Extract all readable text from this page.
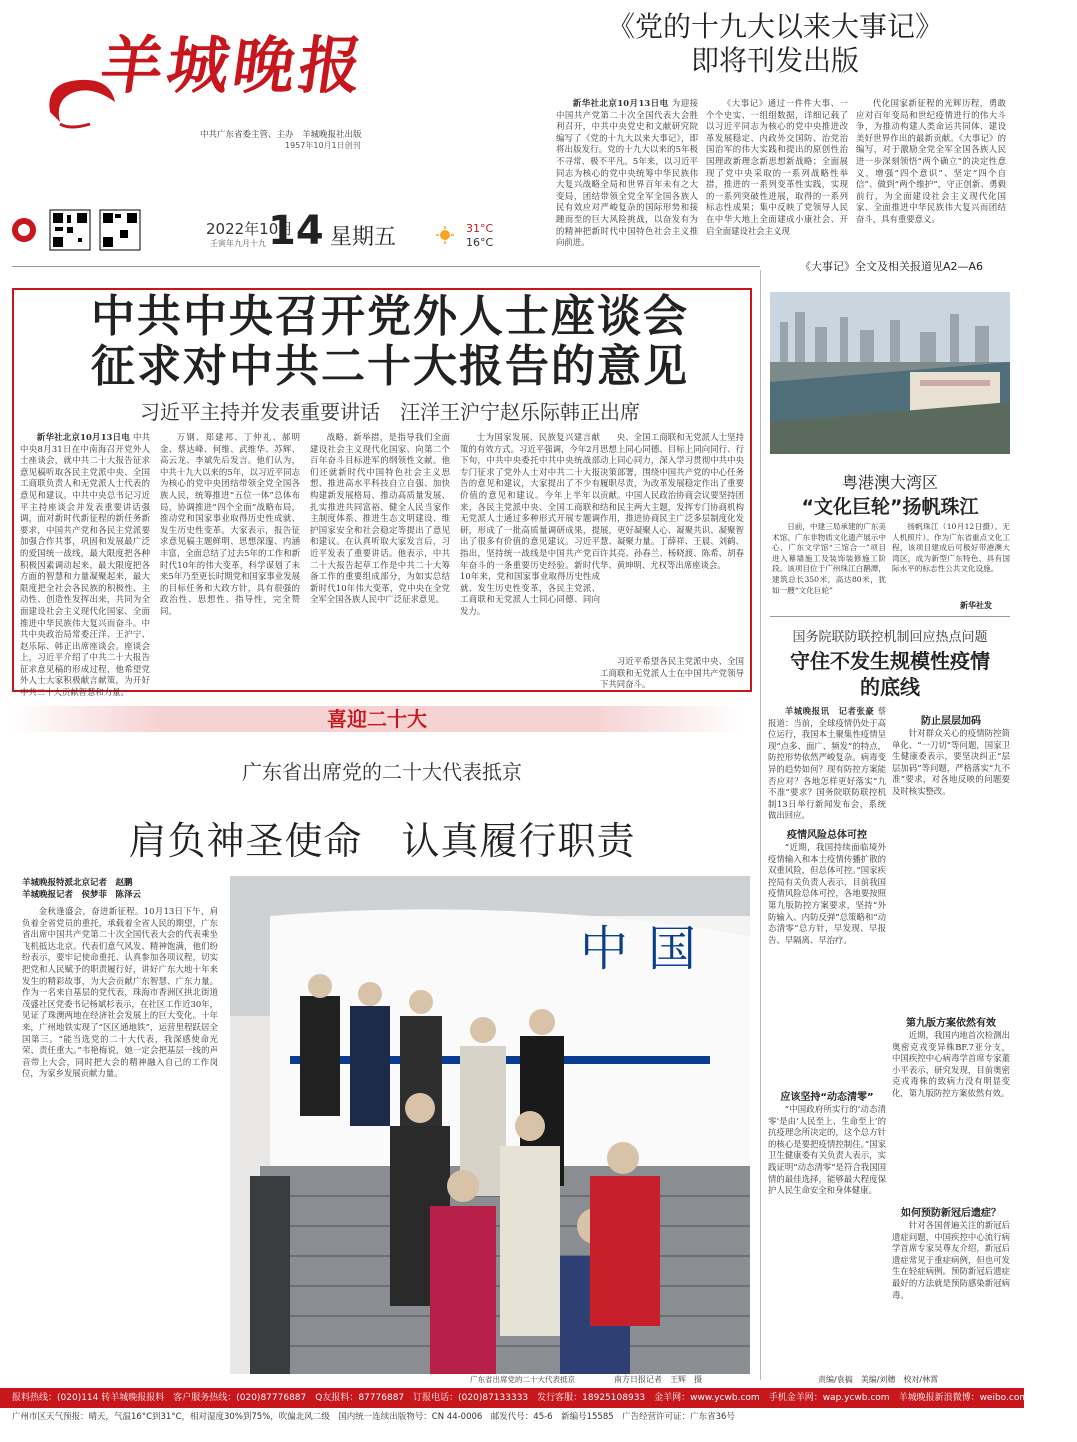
羊城晚报
中共广东省委主管、主办　羊城晚报社出版
1957年10月1日创刊
2022年10月
壬寅年九月十九 14 星期五	31°C
16°C
《党的十九大以来大事记》
即将刊发出版

新华社北京10月13日电 为迎接中国共产党第二十次全国代表大会胜利召开，中共中央党史和文献研究院编写了《党的十九大以来大事记》，即将出版发行。党的十九大以来的5年极不寻常、极不平凡。5年来，以习近平同志为核心的党中央统筹中华民族伟大复兴战略全局和世界百年未有之大变局，团结带领全党全军全国各族人民有效应对严峻复杂的国际形势和接踵而至的巨大风险挑战，以奋发有为的精神把新时代中国特色社会主义推向前进。

《大事记》通过一件件大事、一个个史实、一组组数据，详细记载了以习近平同志为核心的党中央推进改革发展稳定、内政外交国防、治党治国治军的伟大实践和提出的原创性治国理政新理念新思想新战略；全面展现了党中央采取的一系列战略性举措，推进的一系列变革性实践，实现的一系列突破性进展，取得的一系列标志性成果；集中反映了党领导人民在中华大地上全面建成小康社会、开启全面建设社会主义现

代化国家新征程的光辉历程，勇敢应对百年变局和世纪疫情进行的伟大斗争，为推动构建人类命运共同体、建设美好世界作出的最新贡献。《大事记》的编写，对于激励全党全军全国各族人民进一步深刻领悟“两个确立”的决定性意义，增强“四个意识”、坚定“四个自信”、做到“两个维护”，守正创新、勇毅前行，为全面建设社会主义现代化国家、全面推进中华民族伟大复兴而团结奋斗，具有重要意义。

《大事记》全文及相关报道见A2—A6
中共中央召开党外人士座谈会
征求对中共二十大报告的意见
习近平主持并发表重要讲话　汪洋王沪宁赵乐际韩正出席

新华社北京10月13日电 中共中央8月31日在中南海召开党外人士座谈会，就中共二十大报告征求意见稿听取各民主党派中央、全国工商联负责人和无党派人士代表的意见和建议。中共中央总书记习近平主持座谈会并发表重要讲话强调，面对新时代新征程的新任务新要求，中国共产党和各民主党派要加强合作共事，巩固和发展最广泛的爱国统一战线，最大限度把各种积极因素调动起来，最大限度把各方面的智慧和力量凝聚起来，最大限度把全社会各民族的积极性、主动性、创造性发挥出来，共同为全面建设社会主义现代化国家、全面推进中华民族伟大复兴而奋斗。中共中央政治局常委汪洋、王沪宁、赵乐际、韩正出席座谈会。座谈会上，习近平介绍了中共二十大报告征求意见稿的形成过程，他希望党外人士大家积极献言献策，为开好中共二十大贡献智慧和力量。

万钢、郑建邦、丁仲礼、郝明金、蔡达峰、何维、武维华、苏辉、高云龙、李斌先后发言。他们认为，中共十九大以来的5年，以习近平同志为核心的党中央团结带领全党全国各族人民，统筹推进“五位一体”总体布局，协调推进“四个全面”战略布局，推动党和国家事业取得历史性成就、发生历史性变革。大家表示，报告征求意见稿主题鲜明、思想深邃、内涵丰富，全面总结了过去5年的工作和新时代10年的伟大变革，科学谋划了未来5年乃至更长时期党和国家事业发展的目标任务和大政方针，具有很强的政治性、思想性、指导性，完全赞同。

战略、新举措，是指导我们全面建设社会主义现代化国家、向第二个百年奋斗目标进军的纲领性文献。他们还就新时代中国特色社会主义思想、推进高水平科技自立自强、加快构建新发展格局、推动高质量发展、扎实推进共同富裕、健全人民当家作主制度体系、推进生态文明建设、维护国家安全和社会稳定等提出了意见和建议。在认真听取大家发言后，习近平发表了重要讲话。他表示，中共二十大报告起草工作是中共二十大筹备工作的重要组成部分，为如实总结新时代10年伟大变革，党中央在全党全军全国各族人民中广泛征求意见。

士为国家发展、民族复兴建言献策的有效方式。习近平强调，今年2月下旬，中共中央委托中共中央统战部专门征求了党外人士对中共二十大报告的意见和建议，大家提出了不少有价值的意见和建议。今年上半年以来，各民主党派中央、全国工商联和无党派人士通过多种形式开展专题调研，形成了一批高质量调研成果，提出了很多有价值的意见建议。习近平指出，坚持统一战线是中国共产党百年奋斗的一条重要历史经验。新时代10年来，党和国家事业取得历史性成就、发生历史性变革，各民主党派、工商联和无党派人士同心同德、同向发力。

央、全国工商联和无党派人士坚持思想上同心同德、目标上同向同行、行动上同心同力，深入学习贯彻中共中央决策部署，围绕中国共产党的中心任务履职尽责，为改革发展稳定作出了重要贡献。中国人民政治协商会议要坚持团结和民主两大主题，发挥专门协商机构作用，推进协商民主广泛多层制度化发展，更好凝聚人心、凝聚共识、凝聚智慧、凝聚力量。丁薛祥、王晨、刘鹤、许其亮、孙春兰、杨晓渡、陈希、胡春华、黄坤明、尤权等出席座谈会。

习近平希望各民主党派中央、全国工商联和无党派人士在中国共产党领导下共同奋斗。

粤港澳大湾区
“文化巨轮”扬帆珠江

日前，中建三局承建的广东美术馆、广东非物质文化遗产展示中心、广东文学馆“三馆合一”项目进入幕墙施工及装饰装修施工阶段。该项目位于广州珠江白鹅潭，建筑总长350米，高达80米，犹如一艘“文化巨轮”

扬帆珠江（10月12日摄）。无人机照片）。作为广东省重点文化工程，该项目建成后可极好带港澳大湾区，成为新型广东特色、具有国际水平的标志性公共文化设施。

新华社发
国务院联防联控机制回应热点问题
守住不发生规模性疫情
的底线

羊城晚报讯　记者张豪 蔡报道：当前，全球疫情仍处于高位运行，我国本土聚集性疫情呈现“点多、面广、频发”的特点，防控形势依然严峻复杂。病毒变异的趋势如何？现有防控方案能否应对？各地怎样更好落实“九不准”要求？国务院联防联控机制13日举行新闻发布会，系统做出回应。

疫情风险总体可控

“近期，我国持续面临境外疫情输入和本土疫情传播扩散的双重风险，但总体可控。”国家疾控局有关负责人表示，目前我国疫情风险总体可控，各地要按照第九版防控方案要求，坚持“外防输入、内防反弹”总策略和“动态清零”总方针，早发现、早报告、早隔离、早治疗。

应该坚持“动态清零”

“中国政府所实行的‘动态清零’是由‘人民至上、生命至上’的抗疫理念所决定的，这个总方针的核心是要把疫情控制住。”国家卫生健康委有关负责人表示，实践证明“动态清零”是符合我国国情的最佳选择，能够最大程度保护人民生命安全和身体健康。

防止层层加码

针对群众关心的疫情防控简单化、“一刀切”等问题，国家卫生健康委表示，要坚决纠正“层层加码”等问题，严格落实“九不准”要求，对各地反映的问题要及时核实整改。

第九版方案依然有效

近期，我国内地首次检测出奥密克戎变异株BF.7亚分支，中国疾控中心病毒学首席专家董小平表示，研究发现，目前奥密克戎毒株的致病力没有明显变化，第九版防控方案依然有效。

如何预防新冠后遗症？

针对各国普遍关注的新冠后遗症问题，中国疾控中心流行病学首席专家吴尊友介绍，新冠后遗症常见于重症病例，但也可发生在轻症病例。预防新冠后遗症最好的方法就是预防感染新冠病毒。

责编/袁搞　美编/刘穗　校对/林霄
喜迎二十大
广东省出席党的二十大代表抵京
肩负神圣使命　认真履行职责
羊城晚报特派北京记者　赵鹏
羊城晚报记者　侯梦菲　陈泽云

金秋逢盛会，奋进新征程。10月13日下午，肩负着全省党员的重托，承载着全省人民的期望，广东省出席中国共产党第二十次全国代表大会的代表乘坐飞机抵达北京。代表们意气风发、精神饱满，他们纷纷表示，要牢记使命重托、认真参加各项议程，切实把党和人民赋予的职责履行好，讲好广东大地十年来发生的精彩故事，为大会贡献广东智慧、广东力量。作为一名来自基层的党代表，珠海市香洲区拱北街道茂盛社区党委书记杨斌杉表示，在社区工作近30年，见证了珠澳两地在经济社会发展上的巨大变化。十年来，广州地铁实现了“区区通地铁”，运营里程跃居全国第三。“能当选党的二十大代表，我深感使命光荣、责任重大。”韦艳梅说，她一定会把基层一线的声音带上大会，同时把大会的精神融入自己的工作岗位，为家乡发展贡献力量。

中国
广东省出席党的二十大代表抵京	南方日报记者　王辉　摄
报料热线：(020)114 转羊城晚报报料　客户服务热线：(020)87776887　Q友报料：87776887　订报电话：(020)87133333　发行客服：18925108933　金羊网：www.ycwb.com　手机金羊网：wap.ycwb.com　羊城晚报新浪微博：weibo.com/ycwb2010
广州市区天气预报：晴天，气温16°C到31°C，相对湿度30%到75%，吹偏北风二级　国内统一连续出版物号：CN 44-0006　邮发代号：45-6　新编号15585　广告经营许可证：广东省36号
